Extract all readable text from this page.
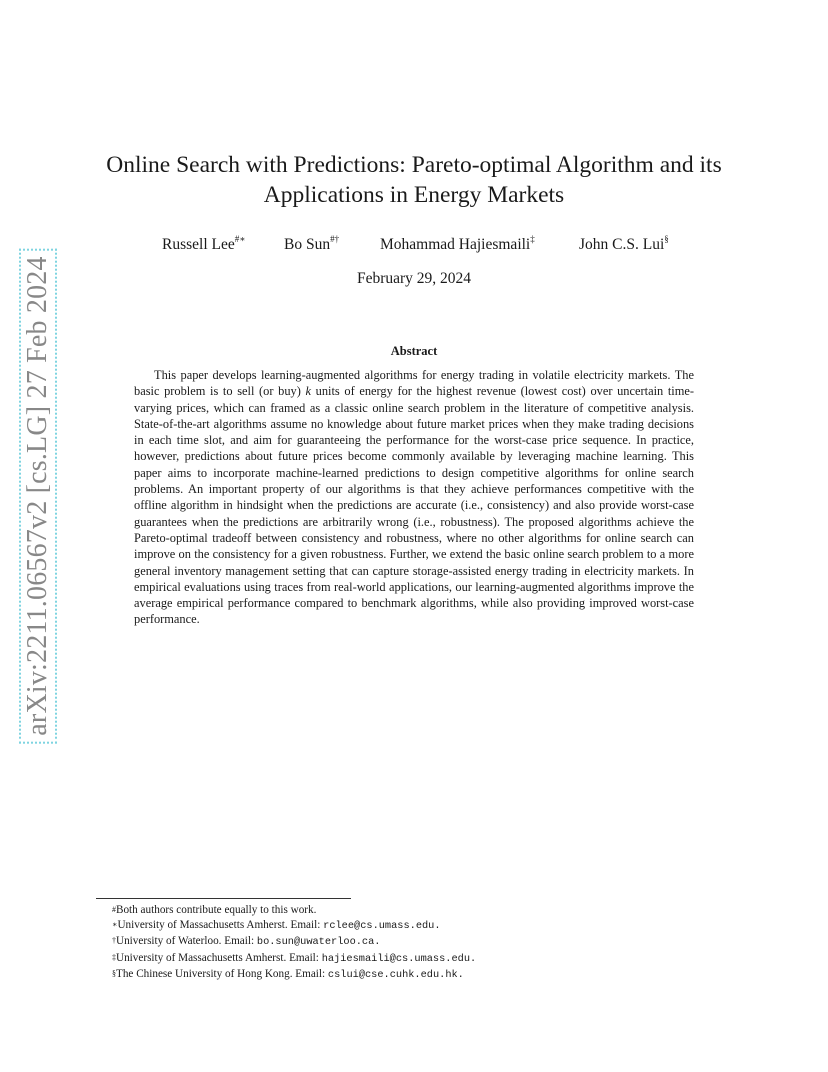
arXiv:2211.06567v2 [cs.LG] 27 Feb 2024
Online Search with Predictions: Pareto-optimal Algorithm and its
Applications in Energy Markets
Russell Lee#∗ Bo Sun#†	Mohammad Hajiesmaili‡	John C.S. Lui§
February 29, 2024
Abstract

This paper develops learning-augmented algorithms for energy trading in volatile electricity markets. The basic problem is to sell (or buy) k units of energy for the highest revenue (lowest cost) over uncertain time-varying prices, which can framed as a classic online search problem in the literature of competitive analysis. State-of-the-art algorithms assume no knowledge about future market prices when they make trading decisions in each time slot, and aim for guaranteeing the performance for the worst-case price sequence. In practice, however, predictions about future prices become commonly available by leveraging machine learning. This paper aims to incorporate machine-learned predictions to design competitive algorithms for online search problems. An important property of our algorithms is that they achieve performances competitive with the offline algorithm in hindsight when the predictions are accurate (i.e., consistency) and also provide worst-case guarantees when the predictions are arbitrarily wrong (i.e., robustness). The proposed algorithms achieve the Pareto-optimal tradeoff between consistency and robustness, where no other algorithms for online search can improve on the consistency for a given robustness. Further, we extend the basic online search problem to a more general inventory management setting that can capture storage-assisted energy trading in electricity markets. In empirical evaluations using traces from real-world applications, our learning-augmented algorithms improve the average empirical performance compared to benchmark algorithms, while also providing improved worst-case performance.

#Both authors contribute equally to this work.
∗University of Massachusetts Amherst. Email: rclee@cs.umass.edu.
†University of Waterloo. Email: bo.sun@uwaterloo.ca.
‡University of Massachusetts Amherst. Email: hajiesmaili@cs.umass.edu.
§The Chinese University of Hong Kong. Email: cslui@cse.cuhk.edu.hk.
